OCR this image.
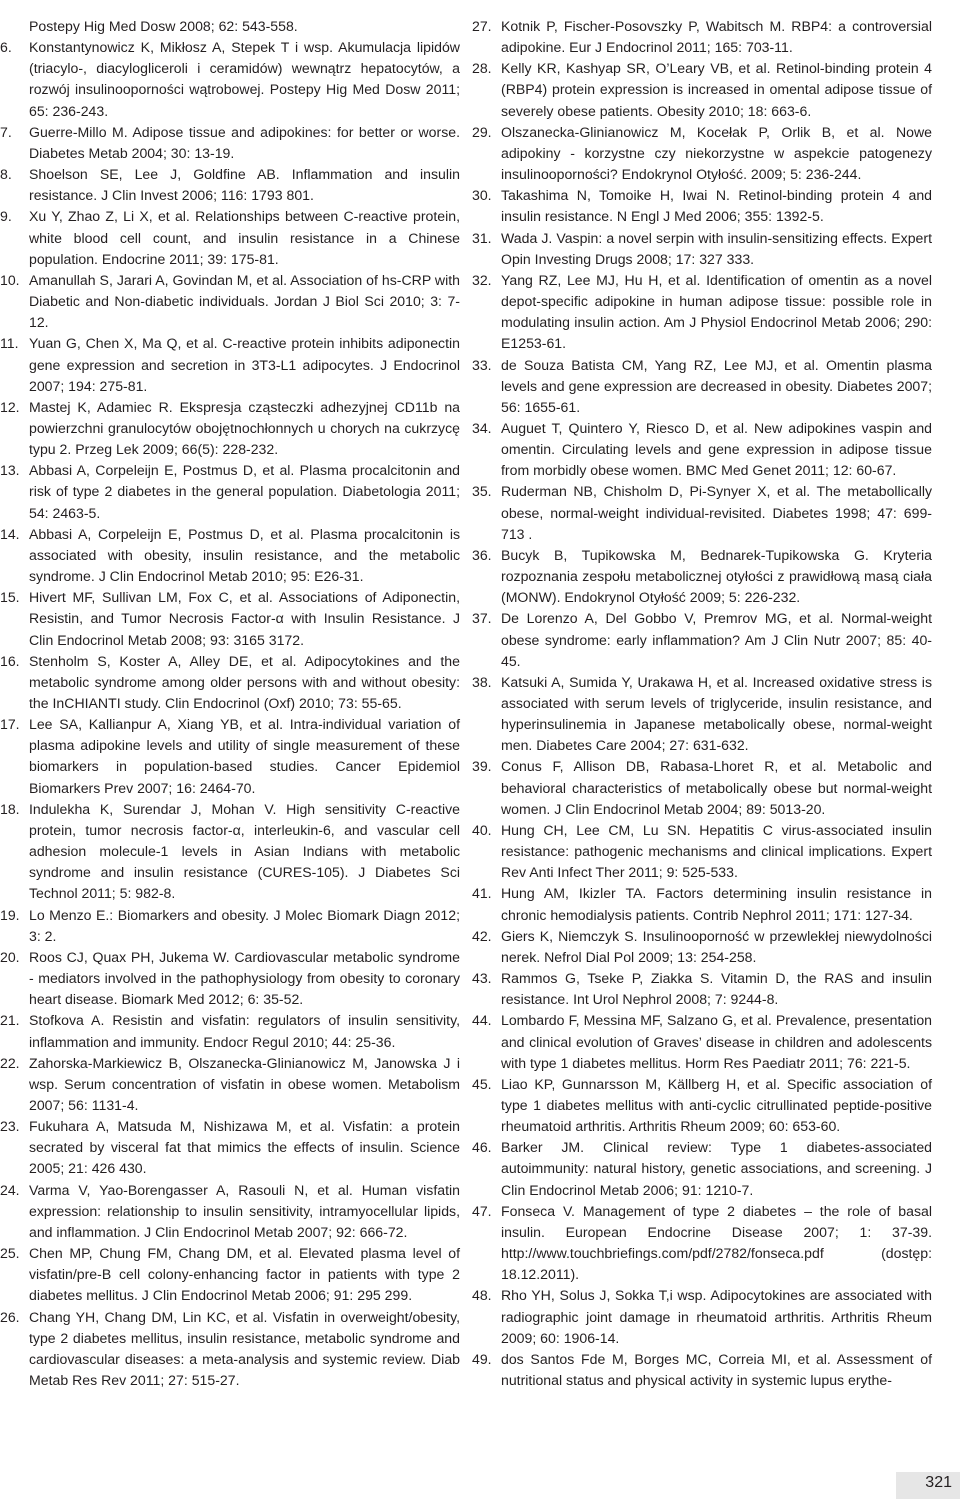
Postepy Hig Med Dosw 2008; 62: 543-558.
6.	Konstantynowicz K, Mikłosz A, Stepek T i wsp. Akumulacja lipidów (triacylo-, diacylogliceroli i ceramidów) wewnątrz hepatocytów, a rozwój insulinooporności wątrobowej. Postepy Hig Med Dosw 2011; 65: 236-243.
7.	Guerre-Millo M. Adipose tissue and adipokines: for better or worse. Diabetes Metab 2004; 30: 13-19.
8.	Shoelson SE, Lee J, Goldfine AB. Inflammation and insulin resistance. J Clin Invest 2006; 116: 1793 801.
9.	Xu Y, Zhao Z, Li X, et al. Relationships between C-reactive protein, white blood cell count, and insulin resistance in a Chinese population. Endocrine 2011; 39: 175-81.
10. Amanullah S, Jarari A, Govindan M, et al. Association of hs-CRP with Diabetic and Non-diabetic individuals. Jordan J Biol Sci 2010; 3: 7-12.
11. Yuan G, Chen X, Ma Q, et al. C-reactive protein inhibits adiponectin gene expression and secretion in 3T3-L1 adipocytes. J Endocrinol 2007; 194: 275-81.
12. Mastej K, Adamiec R. Ekspresja cząsteczki adhezyjnej CD11b na powierzchni granulocytów obojętnochłonnych u chorych na cukrzycę typu 2. Przeg Lek 2009; 66(5): 228-232.
13. Abbasi A, Corpeleijn E, Postmus D, et al. Plasma procalcitonin and risk of type 2 diabetes in the general population. Diabetologia 2011; 54: 2463-5.
14. Abbasi A, Corpeleijn E, Postmus D, et al. Plasma procalcitonin is associated with obesity, insulin resistance, and the metabolic syndrome. J Clin Endocrinol Metab 2010; 95: E26-31.
15. Hivert MF, Sullivan LM, Fox C, et al. Associations of Adiponectin, Resistin, and Tumor Necrosis Factor-α with Insulin Resistance. J Clin Endocrinol Metab 2008; 93: 3165 3172.
16. Stenholm S, Koster A, Alley DE, et al. Adipocytokines and the metabolic syndrome among older persons with and without obesity: the InCHIANTI study. Clin Endocrinol (Oxf) 2010; 73: 55-65.
17. Lee SA, Kallianpur A, Xiang YB, et al. Intra-individual variation of plasma adipokine levels and utility of single measurement of these biomarkers in population-based studies. Cancer Epidemiol Biomarkers Prev 2007; 16: 2464-70.
18. Indulekha K, Surendar J, Mohan V. High sensitivity C-reactive protein, tumor necrosis factor-α, interleukin-6, and vascular cell adhesion molecule-1 levels in Asian Indians with metabolic syndrome and insulin resistance (CURES-105). J Diabetes Sci Technol 2011; 5: 982-8.
19. Lo Menzo E.: Biomarkers and obesity. J Molec Biomark Diagn 2012; 3: 2.
20. Roos CJ, Quax PH, Jukema W. Cardiovascular metabolic syndrome - mediators involved in the pathophysiology from obesity to coronary heart disease. Biomark Med 2012; 6: 35-52.
21. Stofkova A. Resistin and visfatin: regulators of insulin sensitivity, inflammation and immunity. Endocr Regul 2010; 44: 25-36.
22. Zahorska-Markiewicz B, Olszanecka-Glinianowicz M, Janowska J i wsp. Serum concentration of visfatin in obese women. Metabolism 2007; 56: 1131-4.
23. Fukuhara A, Matsuda M, Nishizawa M, et al. Visfatin: a protein secrated by visceral fat that mimics the effects of insulin. Science 2005; 21: 426 430.
24. Varma V, Yao-Borengasser A, Rasouli N, et al. Human visfatin expression: relationship to insulin sensitivity, intramyocellular lipids, and inflammation. J Clin Endocrinol Metab 2007; 92: 666-72.
25. Chen MP, Chung FM, Chang DM, et al. Elevated plasma level of visfatin/pre-B cell colony-enhancing factor in patients with type 2 diabetes mellitus. J Clin Endocrinol Metab 2006; 91: 295 299.
26. Chang YH, Chang DM, Lin KC, et al. Visfatin in overweight/obesity, type 2 diabetes mellitus, insulin resistance, metabolic syndrome and cardiovascular diseases: a meta-analysis and systemic review. Diab Metab Res Rev 2011; 27: 515-27.
27. Kotnik P, Fischer-Posovszky P, Wabitsch M. RBP4: a controversial adipokine. Eur J Endocrinol 2011; 165: 703-11.
28. Kelly KR, Kashyap SR, O’Leary VB, et al. Retinol-binding protein 4 (RBP4) protein expression is increased in omental adipose tissue of severely obese patients. Obesity 2010; 18: 663-6.
29. Olszanecka-Glinianowicz M, Kocełak P, Orlik B, et al. Nowe adipokiny - korzystne czy niekorzystne w aspekcie patogenezy insulinooporności? Endokrynol Otyłość. 2009; 5: 236-244.
30. Takashima N, Tomoike H, Iwai N. Retinol-binding protein 4 and insulin resistance. N Engl J Med 2006; 355: 1392-5.
31. Wada J. Vaspin: a novel serpin with insulin-sensitizing effects. Expert Opin Investing Drugs 2008; 17: 327 333.
32. Yang RZ, Lee MJ, Hu H, et al. Identification of omentin as a novel depot-specific adipokine in human adipose tissue: possible role in modulating insulin action. Am J Physiol Endocrinol Metab 2006; 290: E1253-61.
33. de Souza Batista CM, Yang RZ, Lee MJ, et al. Omentin plasma levels and gene expression are decreased in obesity. Diabetes 2007; 56: 1655-61.
34. Auguet T, Quintero Y, Riesco D, et al. New adipokines vaspin and omentin. Circulating levels and gene expression in adipose tissue from morbidly obese women. BMC Med Genet 2011; 12: 60-67.
35. Ruderman NB, Chisholm D, Pi-Synyer X, et al. The metabollically obese, normal-weight individual-revisited. Diabetes 1998; 47: 699-713 .
36. Bucyk B, Tupikowska M, Bednarek-Tupikowska G. Kryteria rozpoznania zespołu metabolicznej otyłości z prawidłową masą ciała (MONW). Endokrynol Otyłość 2009; 5: 226-232.
37. De Lorenzo A, Del Gobbo V, Premrov MG, et al. Normal-weight obese syndrome: early inflammation? Am J Clin Nutr 2007; 85: 40-45.
38. Katsuki A, Sumida Y, Urakawa H, et al. Increased oxidative stress is associated with serum levels of triglyceride, insulin resistance, and hyperinsulinemia in Japanese metabolically obese, normal-weight men. Diabetes Care 2004; 27: 631-632.
39. Conus F, Allison DB, Rabasa-Lhoret R, et al. Metabolic and behavioral characteristics of metabolically obese but normal-weight women. J Clin Endocrinol Metab 2004; 89: 5013-20.
40. Hung CH, Lee CM, Lu SN. Hepatitis C virus-associated insulin resistance: pathogenic mechanisms and clinical implications. Expert Rev Anti Infect Ther 2011; 9: 525-533.
41. Hung AM, Ikizler TA. Factors determining insulin resistance in chronic hemodialysis patients. Contrib Nephrol 2011; 171: 127-34.
42. Giers K, Niemczyk S. Insulinooporność w przewlekłej niewydolności nerek. Nefrol Dial Pol 2009; 13: 254-258.
43. Rammos G, Tseke P, Ziakka S. Vitamin D, the RAS and insulin resistance. Int Urol Nephrol 2008; 7: 9244-8.
44. Lombardo F, Messina MF, Salzano G, et al. Prevalence, presentation and clinical evolution of Graves’ disease in children and adolescents with type 1 diabetes mellitus. Horm Res Paediatr 2011; 76: 221-5.
45. Liao KP, Gunnarsson M, Källberg H, et al. Specific association of type 1 diabetes mellitus with anti-cyclic citrullinated peptide-positive rheumatoid arthritis. Arthritis Rheum 2009; 60: 653-60.
46. Barker JM. Clinical review: Type 1 diabetes-associated autoimmunity: natural history, genetic associations, and screening. J Clin Endocrinol Metab 2006; 91: 1210-7.
47. Fonseca V. Management of type 2 diabetes – the role of basal insulin. European Endocrine Disease 2007; 1: 37-39. http://www.touchbriefings.com/pdf/2782/fonseca.pdf (dostęp: 18.12.2011).
48. Rho YH, Solus J, Sokka T,i wsp. Adipocytokines are associated with radiographic joint damage in rheumatoid arthritis. Arthritis Rheum 2009; 60: 1906-14.
49. dos Santos Fde M, Borges MC, Correia MI, et al. Assessment of nutritional status and physical activity in systemic lupus erythe-
321
